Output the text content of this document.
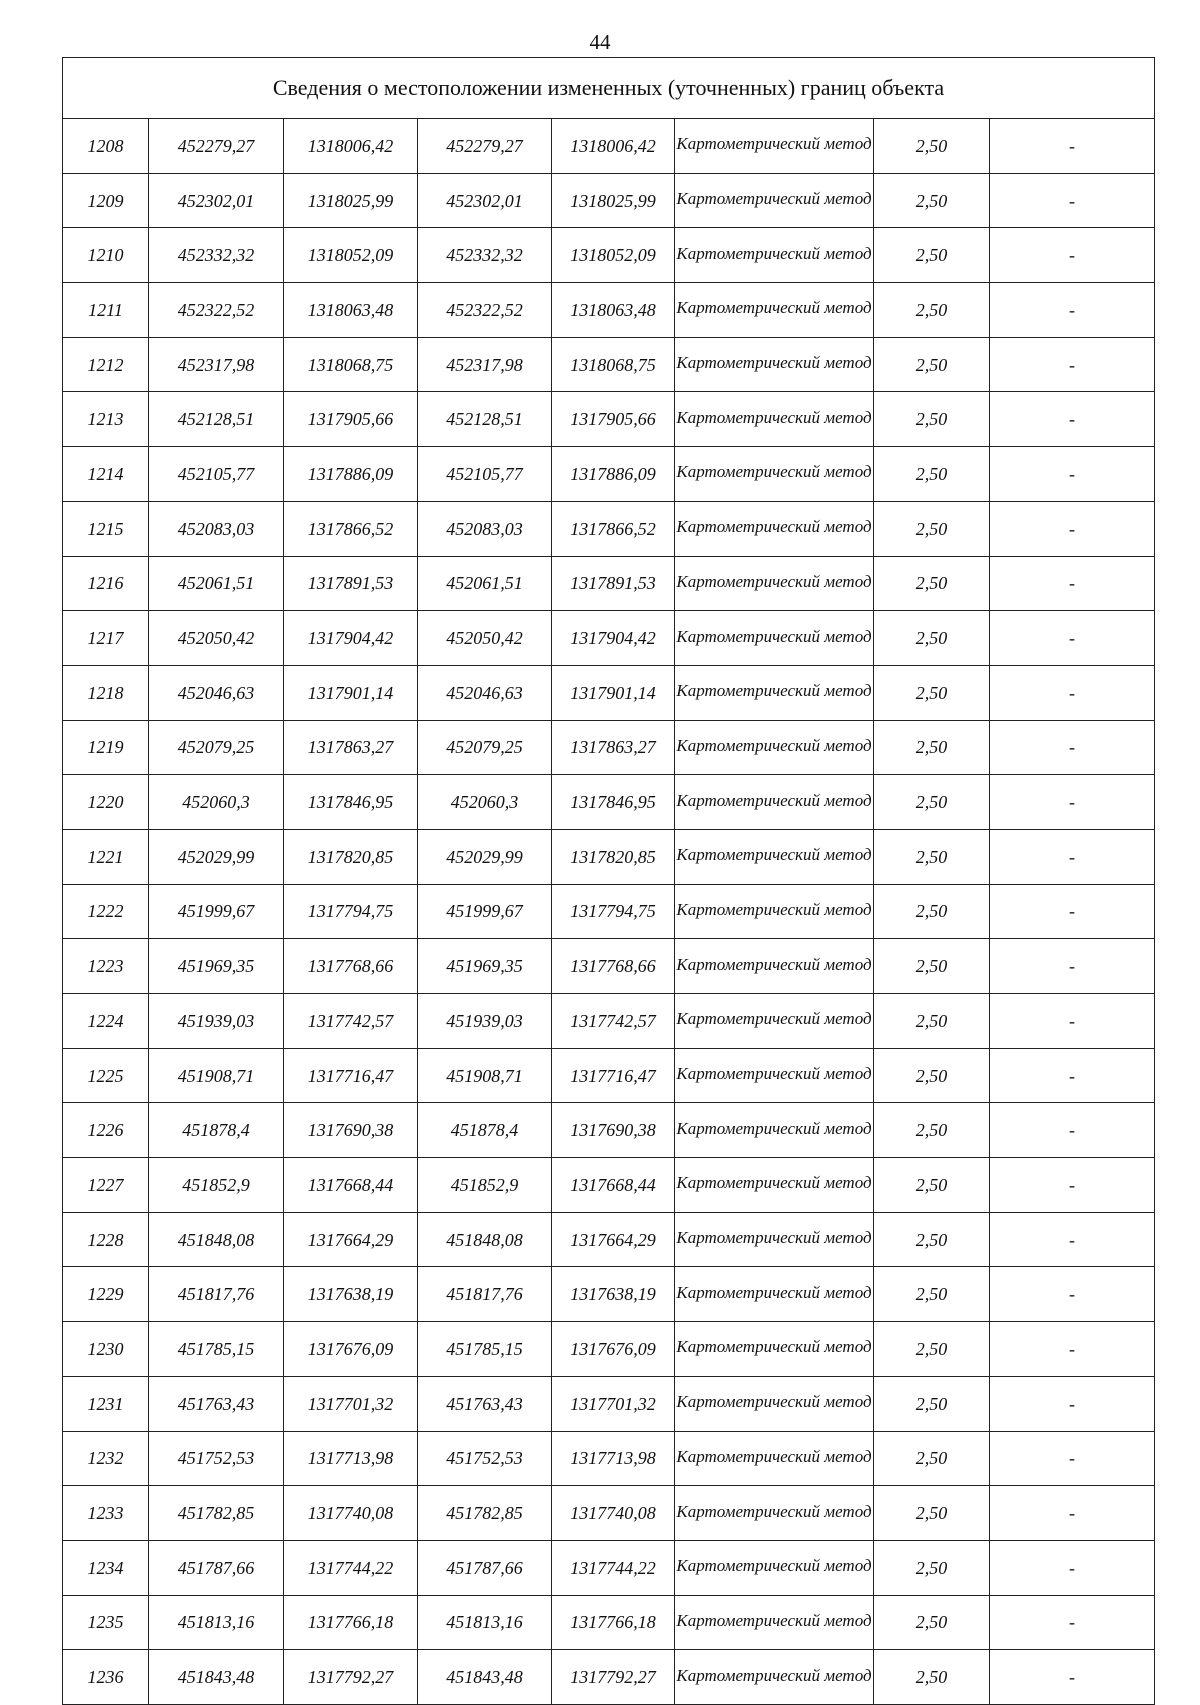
44
Сведения о местоположении измененных (уточненных) границ объекта							
1208	452279,27	1318006,42	452279,27	1318006,42	Картометрический метод	2,50	-
1209	452302,01	1318025,99	452302,01	1318025,99	Картометрический метод	2,50	-
1210	452332,32	1318052,09	452332,32	1318052,09	Картометрический метод	2,50	-
1211	452322,52	1318063,48	452322,52	1318063,48	Картометрический метод	2,50	-
1212	452317,98	1318068,75	452317,98	1318068,75	Картометрический метод	2,50	-
1213	452128,51	1317905,66	452128,51	1317905,66	Картометрический метод	2,50	-
1214	452105,77	1317886,09	452105,77	1317886,09	Картометрический метод	2,50	-
1215	452083,03	1317866,52	452083,03	1317866,52	Картометрический метод	2,50	-
1216	452061,51	1317891,53	452061,51	1317891,53	Картометрический метод	2,50	-
1217	452050,42	1317904,42	452050,42	1317904,42	Картометрический метод	2,50	-
1218	452046,63	1317901,14	452046,63	1317901,14	Картометрический метод	2,50	-
1219	452079,25	1317863,27	452079,25	1317863,27	Картометрический метод	2,50	-
1220	452060,3	1317846,95	452060,3	1317846,95	Картометрический метод	2,50	-
1221	452029,99	1317820,85	452029,99	1317820,85	Картометрический метод	2,50	-
1222	451999,67	1317794,75	451999,67	1317794,75	Картометрический метод	2,50	-
1223	451969,35	1317768,66	451969,35	1317768,66	Картометрический метод	2,50	-
1224	451939,03	1317742,57	451939,03	1317742,57	Картометрический метод	2,50	-
1225	451908,71	1317716,47	451908,71	1317716,47	Картометрический метод	2,50	-
1226	451878,4	1317690,38	451878,4	1317690,38	Картометрический метод	2,50	-
1227	451852,9	1317668,44	451852,9	1317668,44	Картометрический метод	2,50	-
1228	451848,08	1317664,29	451848,08	1317664,29	Картометрический метод	2,50	-
1229	451817,76	1317638,19	451817,76	1317638,19	Картометрический метод	2,50	-
1230	451785,15	1317676,09	451785,15	1317676,09	Картометрический метод	2,50	-
1231	451763,43	1317701,32	451763,43	1317701,32	Картометрический метод	2,50	-
1232	451752,53	1317713,98	451752,53	1317713,98	Картометрический метод	2,50	-
1233	451782,85	1317740,08	451782,85	1317740,08	Картометрический метод	2,50	-
1234	451787,66	1317744,22	451787,66	1317744,22	Картометрический метод	2,50	-
1235	451813,16	1317766,18	451813,16	1317766,18	Картометрический метод	2,50	-
1236	451843,48	1317792,27	451843,48	1317792,27	Картометрический метод	2,50	-
